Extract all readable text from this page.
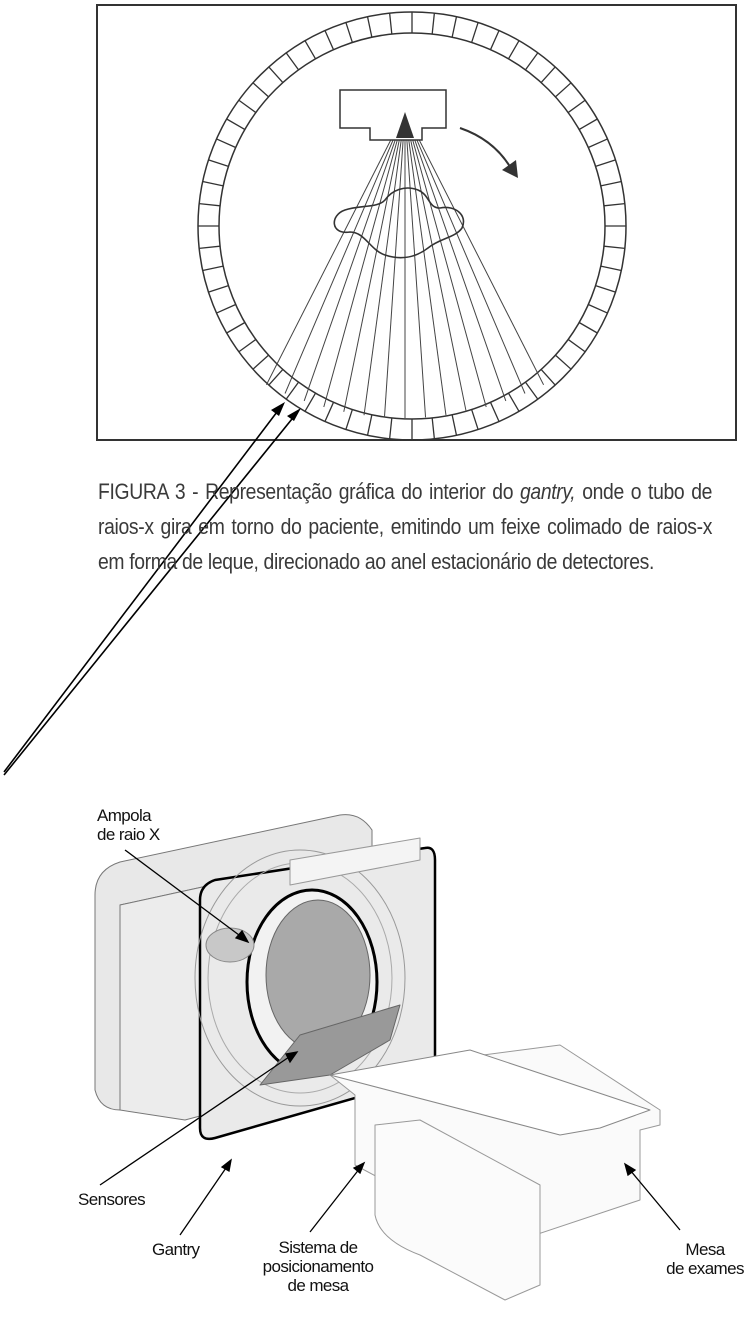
FIGURA 3 - Representação gráfica do interior do gantry, onde o tubo de raios-x gira em torno do paciente, emitindo um feixe colimado de raios-x em forma de leque, direcionado ao anel estacionário de detectores.
Ampola
de raio X
Sensores
Gantry	Sistema de
posicionamento
de mesa
Mesa
de exames
